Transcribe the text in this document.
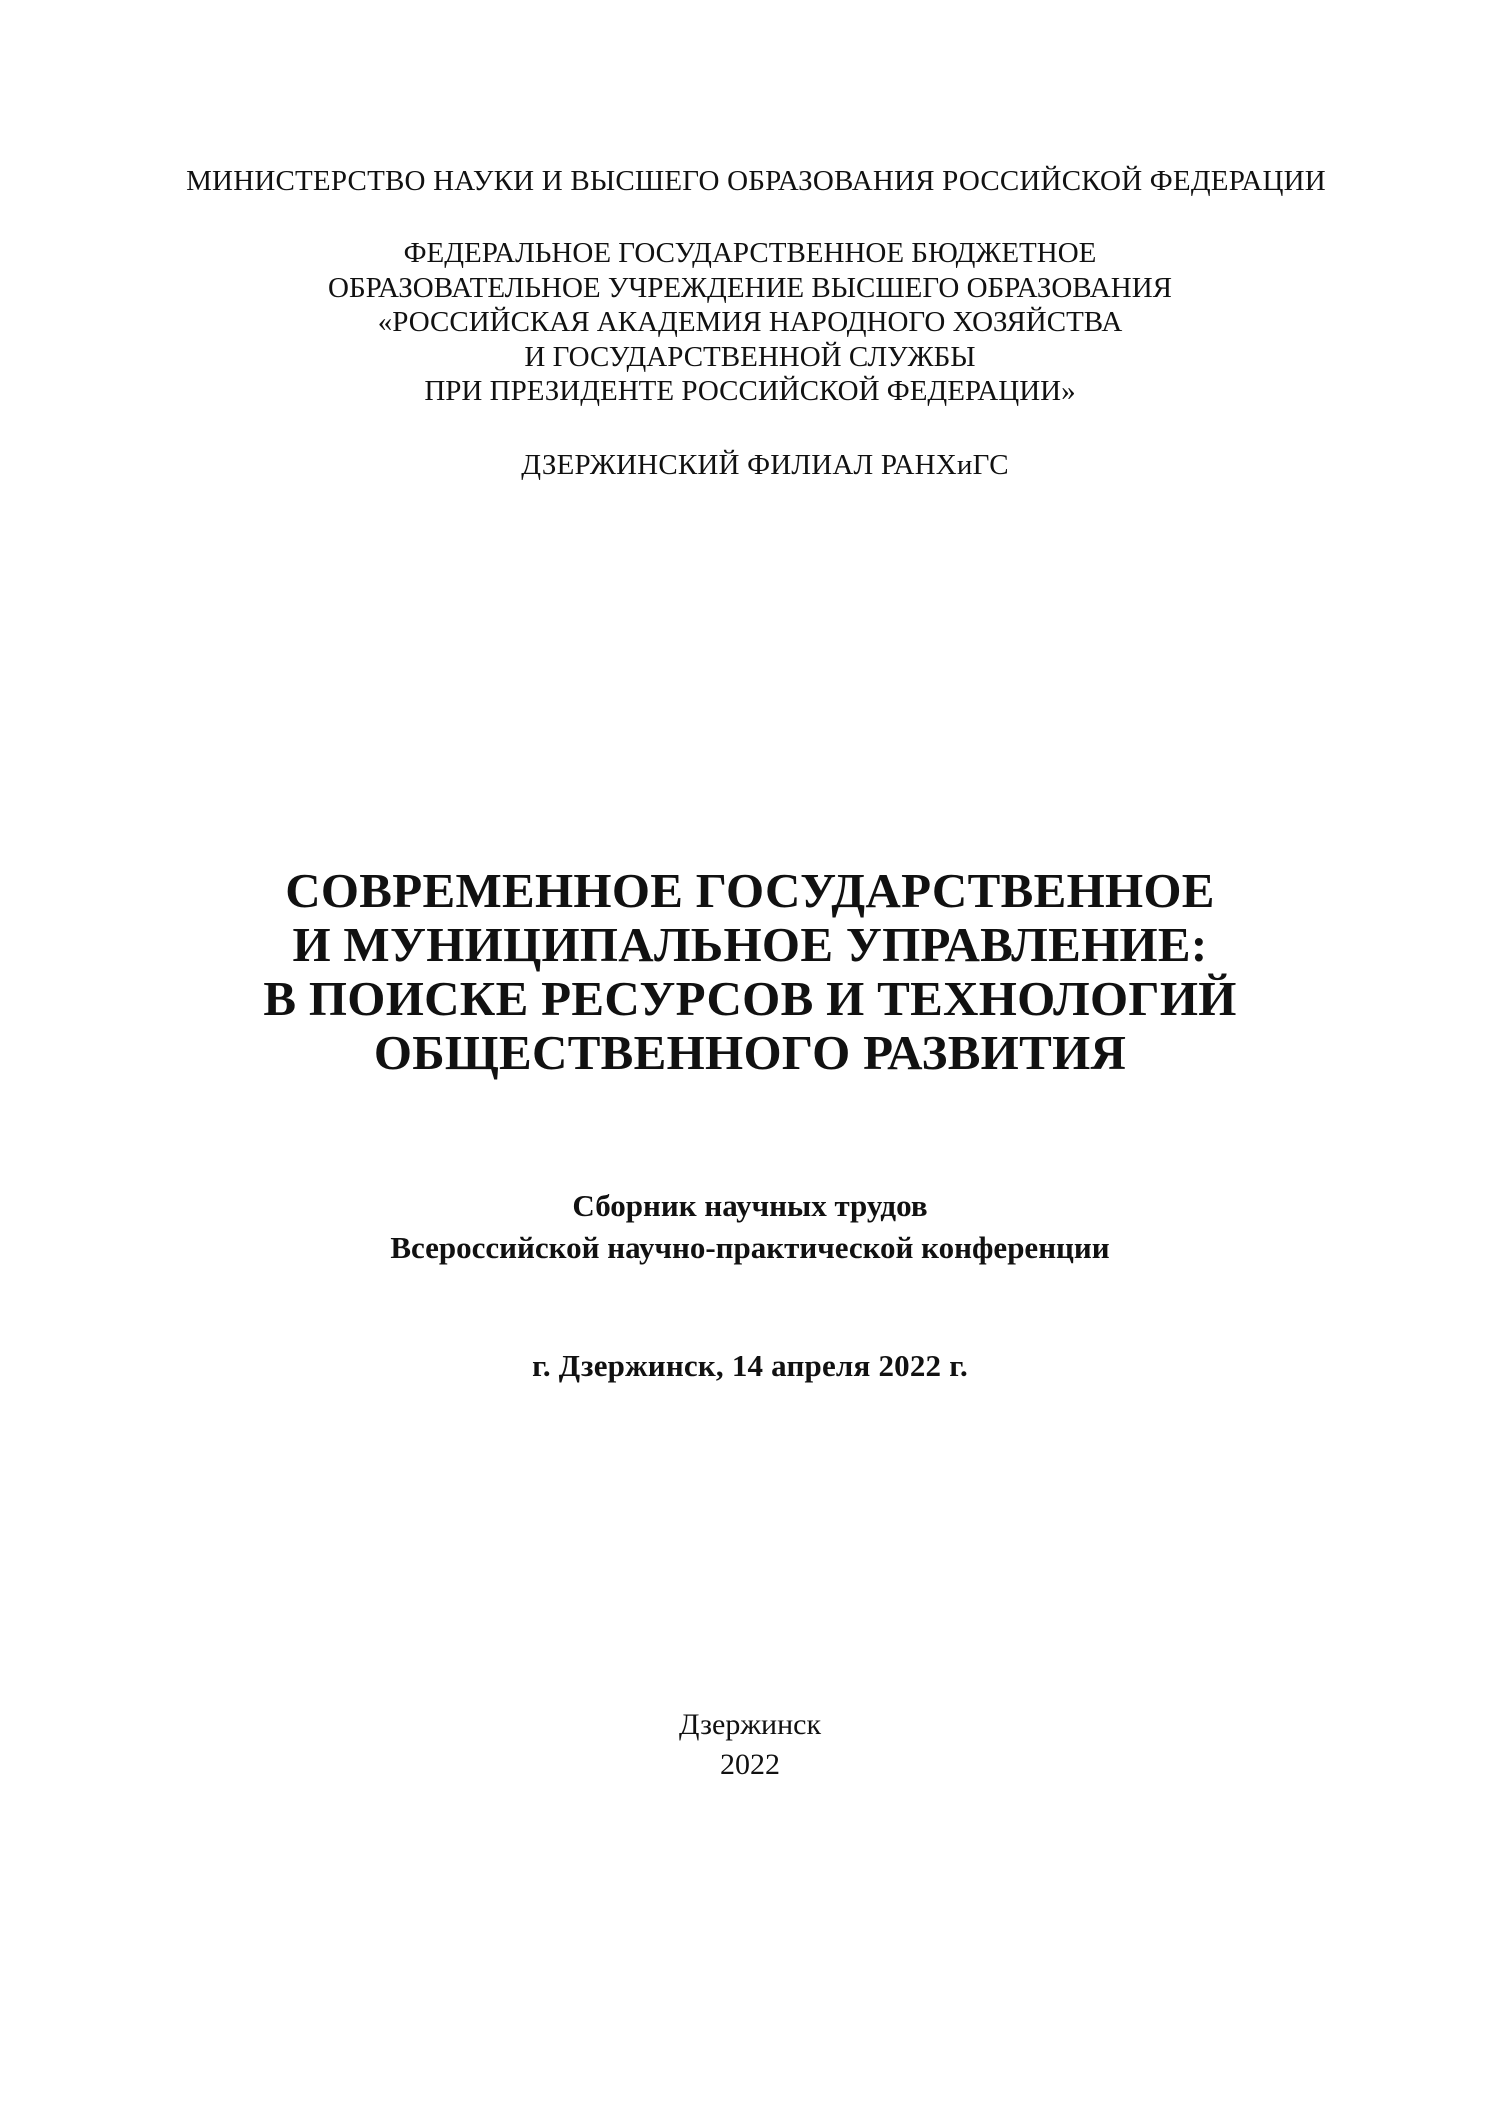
МИНИСТЕРСТВО НАУКИ И ВЫСШЕГО ОБРАЗОВАНИЯ РОССИЙСКОЙ ФЕДЕРАЦИИ
ФЕДЕРАЛЬНОЕ ГОСУДАРСТВЕННОЕ БЮДЖЕТНОЕ
ОБРАЗОВАТЕЛЬНОЕ УЧРЕЖДЕНИЕ ВЫСШЕГО ОБРАЗОВАНИЯ
«РОССИЙСКАЯ АКАДЕМИЯ НАРОДНОГО ХОЗЯЙСТВА
И ГОСУДАРСТВЕННОЙ СЛУЖБЫ
ПРИ ПРЕЗИДЕНТЕ РОССИЙСКОЙ ФЕДЕРАЦИИ»
ДЗЕРЖИНСКИЙ ФИЛИАЛ РАНХиГС
СОВРЕМЕННОЕ ГОСУДАРСТВЕННОЕ
И МУНИЦИПАЛЬНОЕ УПРАВЛЕНИЕ:
В ПОИСКЕ РЕСУРСОВ И ТЕХНОЛОГИЙ
ОБЩЕСТВЕННОГО РАЗВИТИЯ
Сборник научных трудов
Всероссийской научно-практической конференции
г. Дзержинск, 14 апреля 2022 г.
Дзержинск
2022
